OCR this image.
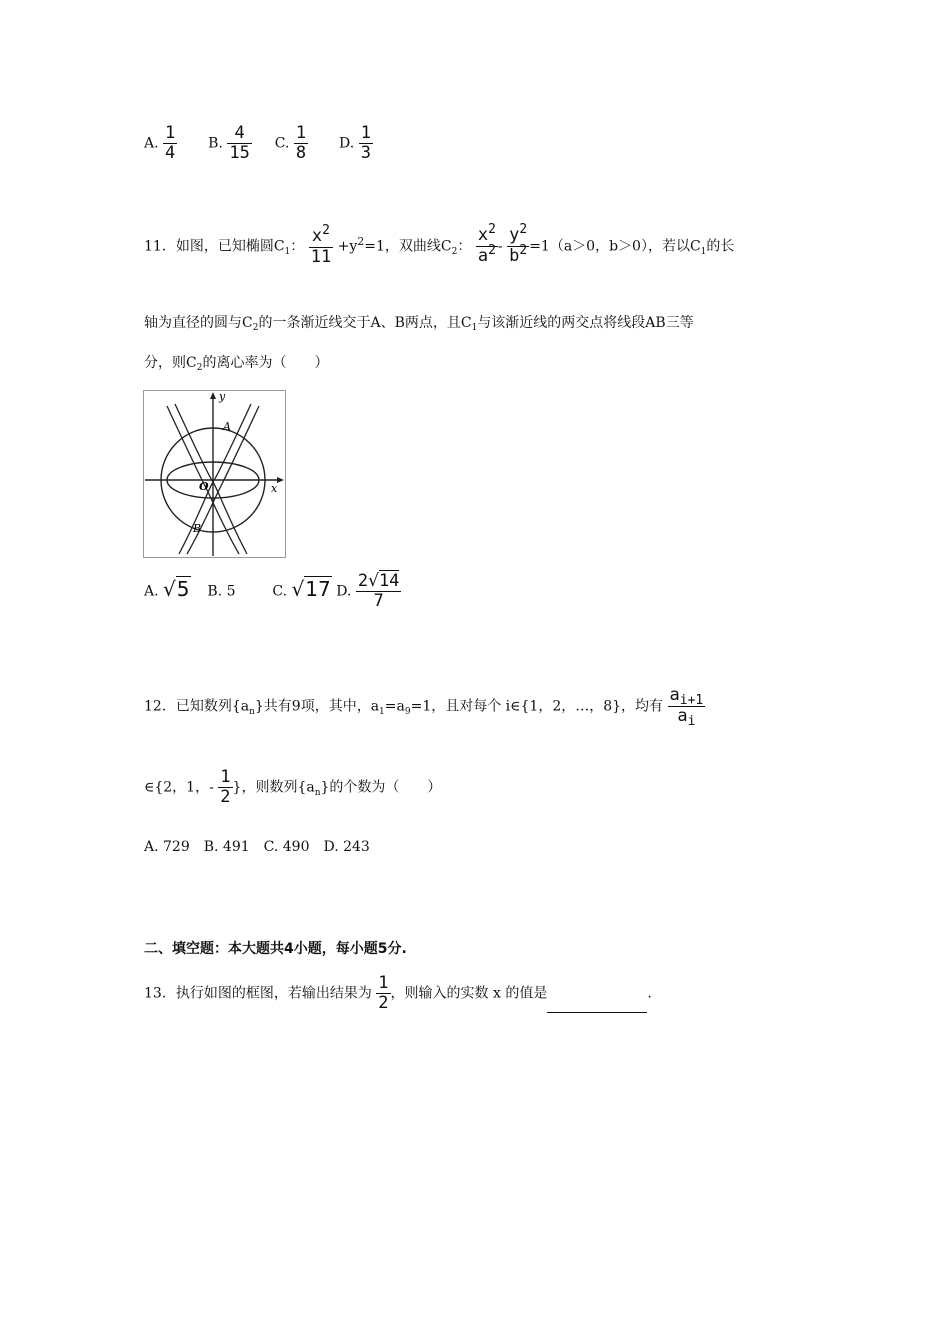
A. $\frac{1}{4} B$. $\frac{4}{15} C$. $\frac{1}{8} D$. $\frac{1}{3}$
11．如图，已知椭圆$C_1$： $\frac{x^2}{11} +y^2=1$，双曲线$C_2$： $\frac{x^2}{a^2} - \frac{y^2}{b^2} =1(a>0$，b＞0），若以$C_1$的长
轴为直径的圆与$C_2$的一条渐近线交于A、B两点，且$C_1$与该渐近线的两交点将线段AB三等
分，则$C_2$的离心率为（　　）
y
x
A
B
O
A. √5 B. 5	C. √17 D. $\frac{2√14}{7}$
12．已知数列$\{a_n\}$共有9项，其中，$a_1=a_9=1$，且对每个 i∈{1，2，…，8}，均有 $\frac{a_{i+1}}{a_i}$
∈{2，1，- $\frac{1}{2}$ }，则数列$\{a_n\}$的个数为（　　）
A. 729　B. 491　C. 490　D. 243
二、填空题：本大题共4小题，每小题5分.
13．执行如图的框图，若输出结果为 $\frac{1}{2}$ ，则输入的实数 x 的值是	.
